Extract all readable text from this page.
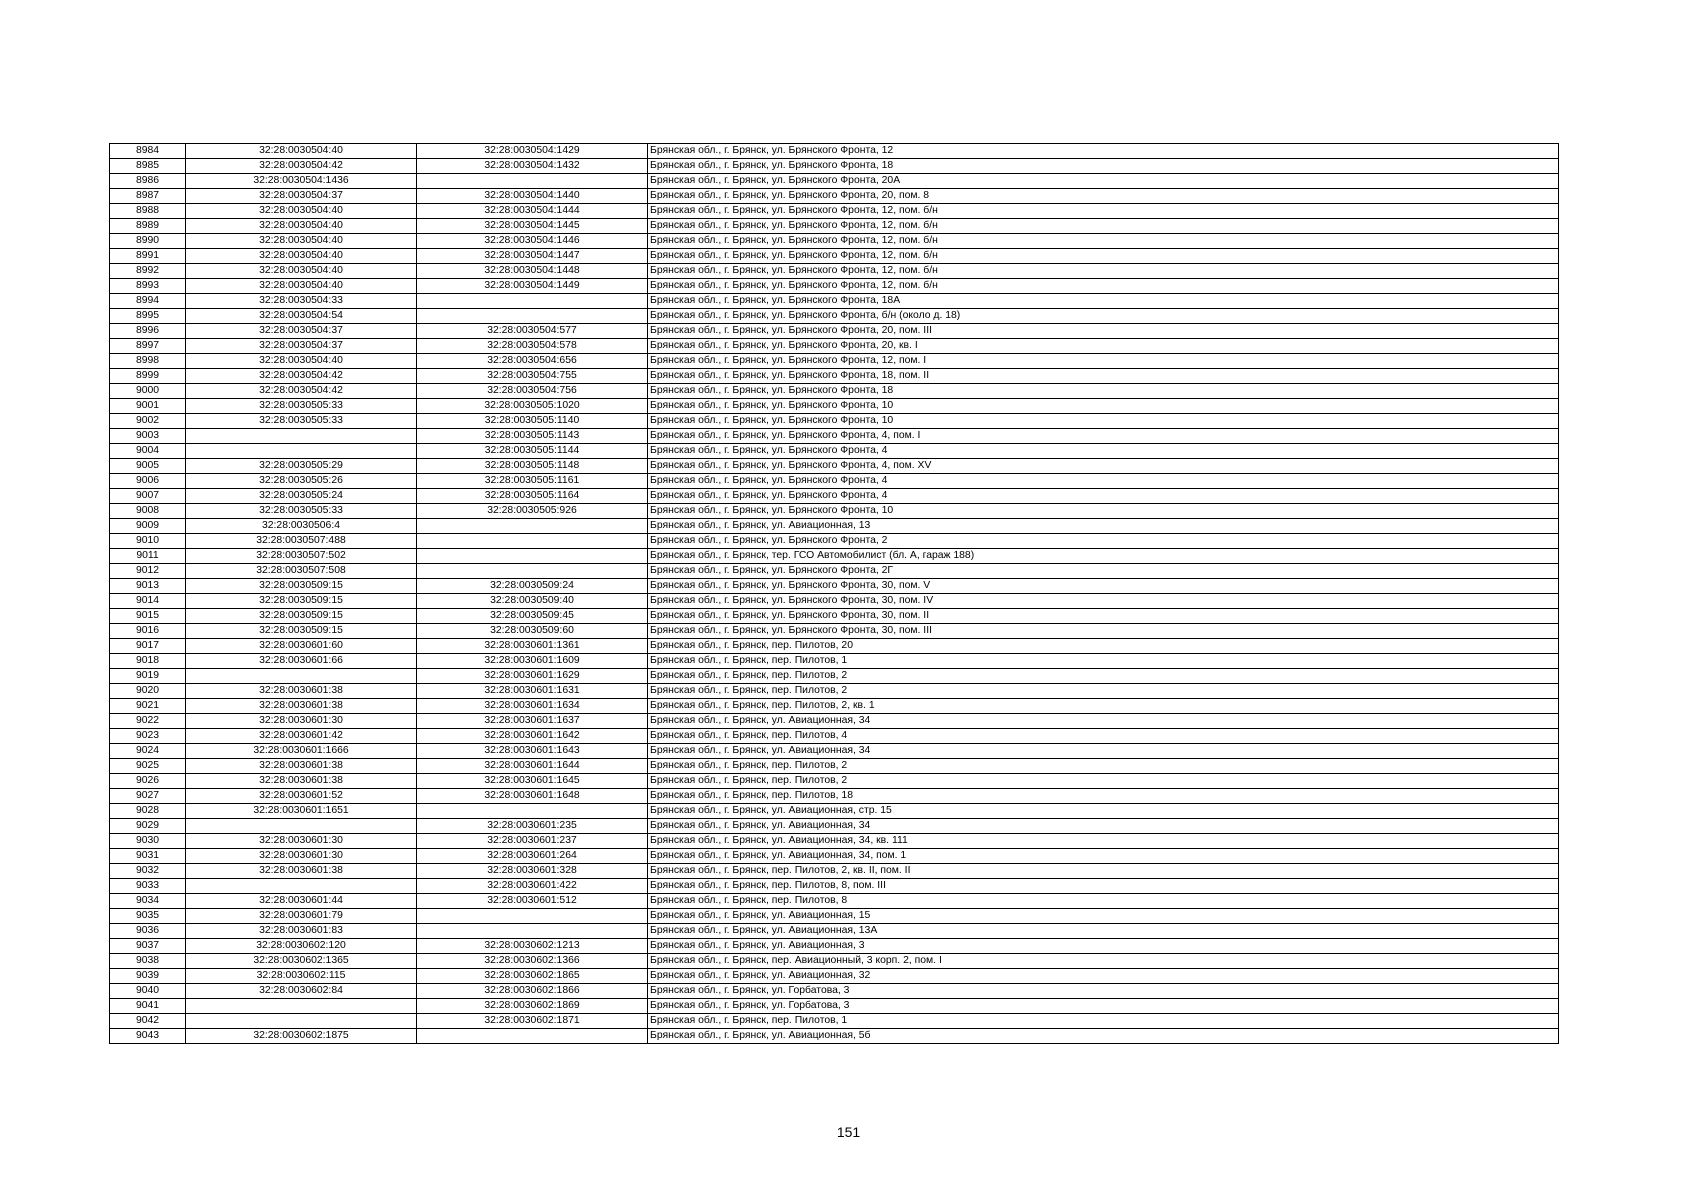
8984	32:28:0030504:40	32:28:0030504:1429	Брянская обл., г. Брянск, ул. Брянского Фронта, 12
8985	32:28:0030504:42	32:28:0030504:1432	Брянская обл., г. Брянск, ул. Брянского Фронта, 18
8986	32:28:0030504:1436		Брянская обл., г. Брянск, ул. Брянского Фронта, 20А
8987	32:28:0030504:37	32:28:0030504:1440	Брянская обл., г. Брянск, ул. Брянского Фронта, 20, пом. 8
8988	32:28:0030504:40	32:28:0030504:1444	Брянская обл., г. Брянск, ул. Брянского Фронта, 12, пом. б/н
8989	32:28:0030504:40	32:28:0030504:1445	Брянская обл., г. Брянск, ул. Брянского Фронта, 12, пом. б/н
8990	32:28:0030504:40	32:28:0030504:1446	Брянская обл., г. Брянск, ул. Брянского Фронта, 12, пом. б/н
8991	32:28:0030504:40	32:28:0030504:1447	Брянская обл., г. Брянск, ул. Брянского Фронта, 12, пом. б/н
8992	32:28:0030504:40	32:28:0030504:1448	Брянская обл., г. Брянск, ул. Брянского Фронта, 12, пом. б/н
8993	32:28:0030504:40	32:28:0030504:1449	Брянская обл., г. Брянск, ул. Брянского Фронта, 12, пом. б/н
8994	32:28:0030504:33		Брянская обл., г. Брянск, ул. Брянского Фронта, 18А
8995	32:28:0030504:54		Брянская обл., г. Брянск, ул. Брянского Фронта, б/н (около д. 18)
8996	32:28:0030504:37	32:28:0030504:577	Брянская обл., г. Брянск, ул. Брянского Фронта, 20, пом. III
8997	32:28:0030504:37	32:28:0030504:578	Брянская обл., г. Брянск, ул. Брянского Фронта, 20, кв. I
8998	32:28:0030504:40	32:28:0030504:656	Брянская обл., г. Брянск, ул. Брянского Фронта, 12, пом. I
8999	32:28:0030504:42	32:28:0030504:755	Брянская обл., г. Брянск, ул. Брянского Фронта, 18, пом. II
9000	32:28:0030504:42	32:28:0030504:756	Брянская обл., г. Брянск, ул. Брянского Фронта, 18
9001	32:28:0030505:33	32:28:0030505:1020	Брянская обл., г. Брянск, ул. Брянского Фронта, 10
9002	32:28:0030505:33	32:28:0030505:1140	Брянская обл., г. Брянск, ул. Брянского Фронта, 10
9003		32:28:0030505:1143	Брянская обл., г. Брянск, ул. Брянского Фронта, 4, пом. I
9004		32:28:0030505:1144	Брянская обл., г. Брянск, ул. Брянского Фронта, 4
9005	32:28:0030505:29	32:28:0030505:1148	Брянская обл., г. Брянск, ул. Брянского Фронта, 4, пом. XV
9006	32:28:0030505:26	32:28:0030505:1161	Брянская обл., г. Брянск, ул. Брянского Фронта, 4
9007	32:28:0030505:24	32:28:0030505:1164	Брянская обл., г. Брянск, ул. Брянского Фронта, 4
9008	32:28:0030505:33	32:28:0030505:926	Брянская обл., г. Брянск, ул. Брянского Фронта, 10
9009	32:28:0030506:4		Брянская обл., г. Брянск, ул. Авиационная, 13
9010	32:28:0030507:488		Брянская обл., г. Брянск, ул. Брянского Фронта, 2
9011	32:28:0030507:502		Брянская обл., г. Брянск, тер. ГСО Автомобилист (бл. А, гараж 188)
9012	32:28:0030507:508		Брянская обл., г. Брянск, ул. Брянского Фронта, 2Г
9013	32:28:0030509:15	32:28:0030509:24	Брянская обл., г. Брянск, ул. Брянского Фронта, 30, пом. V
9014	32:28:0030509:15	32:28:0030509:40	Брянская обл., г. Брянск, ул. Брянского Фронта, 30, пом. IV
9015	32:28:0030509:15	32:28:0030509:45	Брянская обл., г. Брянск, ул. Брянского Фронта, 30, пом. II
9016	32:28:0030509:15	32:28:0030509:60	Брянская обл., г. Брянск, ул. Брянского Фронта, 30, пом. III
9017	32:28:0030601:60	32:28:0030601:1361	Брянская обл., г. Брянск, пер. Пилотов, 20
9018	32:28:0030601:66	32:28:0030601:1609	Брянская обл., г. Брянск, пер. Пилотов, 1
9019		32:28:0030601:1629	Брянская обл., г. Брянск, пер. Пилотов, 2
9020	32:28:0030601:38	32:28:0030601:1631	Брянская обл., г. Брянск, пер. Пилотов, 2
9021	32:28:0030601:38	32:28:0030601:1634	Брянская обл., г. Брянск, пер. Пилотов, 2, кв. 1
9022	32:28:0030601:30	32:28:0030601:1637	Брянская обл., г. Брянск, ул. Авиационная, 34
9023	32:28:0030601:42	32:28:0030601:1642	Брянская обл., г. Брянск, пер. Пилотов, 4
9024	32:28:0030601:1666	32:28:0030601:1643	Брянская обл., г. Брянск, ул. Авиационная, 34
9025	32:28:0030601:38	32:28:0030601:1644	Брянская обл., г. Брянск, пер. Пилотов, 2
9026	32:28:0030601:38	32:28:0030601:1645	Брянская обл., г. Брянск, пер. Пилотов, 2
9027	32:28:0030601:52	32:28:0030601:1648	Брянская обл., г. Брянск, пер. Пилотов, 18
9028	32:28:0030601:1651		Брянская обл., г. Брянск, ул. Авиационная, стр. 15
9029		32:28:0030601:235	Брянская обл., г. Брянск, ул. Авиационная, 34
9030	32:28:0030601:30	32:28:0030601:237	Брянская обл., г. Брянск, ул. Авиационная, 34, кв. 111
9031	32:28:0030601:30	32:28:0030601:264	Брянская обл., г. Брянск, ул. Авиационная, 34, пом. 1
9032	32:28:0030601:38	32:28:0030601:328	Брянская обл., г. Брянск, пер. Пилотов, 2, кв. II, пом. II
9033		32:28:0030601:422	Брянская обл., г. Брянск, пер. Пилотов, 8, пом. III
9034	32:28:0030601:44	32:28:0030601:512	Брянская обл., г. Брянск, пер. Пилотов, 8
9035	32:28:0030601:79		Брянская обл., г. Брянск, ул. Авиационная, 15
9036	32:28:0030601:83		Брянская обл., г. Брянск, ул. Авиационная, 13А
9037	32:28:0030602:120	32:28:0030602:1213	Брянская обл., г. Брянск, ул. Авиационная, 3
9038	32:28:0030602:1365	32:28:0030602:1366	Брянская обл., г. Брянск, пер. Авиационный, 3 корп. 2, пом. I
9039	32:28:0030602:115	32:28:0030602:1865	Брянская обл., г. Брянск, ул. Авиационная, 32
9040	32:28:0030602:84	32:28:0030602:1866	Брянская обл., г. Брянск, ул. Горбатова, 3
9041		32:28:0030602:1869	Брянская обл., г. Брянск, ул. Горбатова, 3
9042		32:28:0030602:1871	Брянская обл., г. Брянск, пер. Пилотов, 1
9043	32:28:0030602:1875		Брянская обл., г. Брянск, ул. Авиационная, 5б
151
